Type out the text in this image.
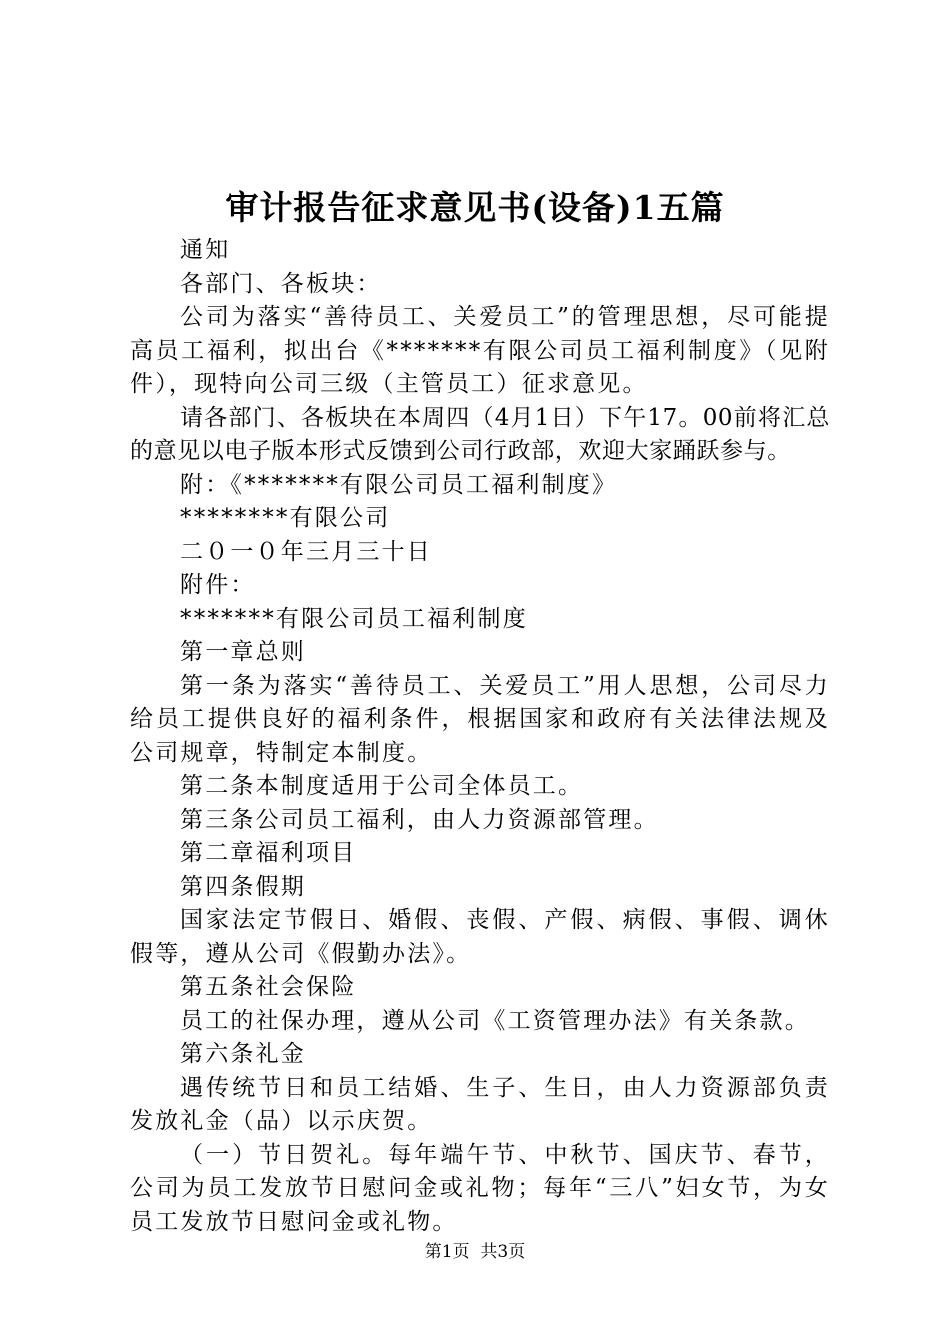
审计报告征求意见书(设备)1五篇

通知

各部门、各板块：

公司为落实“善待员工、关爱员工”的管理思想，尽可能提高员工福利，拟出台《*******有限公司员工福利制度》（见附件），现特向公司三级（主管员工）征求意见。

请各部门、各板块在本周四（4月1日）下午17。00前将汇总的意见以电子版本形式反馈到公司行政部，欢迎大家踊跃参与。

附：《*******有限公司员工福利制度》

********有限公司

二０一０年三月三十日

附件：

*******有限公司员工福利制度

第一章总则

第一条为落实“善待员工、关爱员工”用人思想，公司尽力给员工提供良好的福利条件，根据国家和政府有关法律法规及公司规章，特制定本制度。

第二条本制度适用于公司全体员工。

第三条公司员工福利，由人力资源部管理。

第二章福利项目

第四条假期

国家法定节假日、婚假、丧假、产假、病假、事假、调休假等，遵从公司《假勤办法》。

第五条社会保险

员工的社保办理，遵从公司《工资管理办法》有关条款。

第六条礼金

遇传统节日和员工结婚、生子、生日，由人力资源部负责发放礼金（品）以示庆贺。

（一）节日贺礼。每年端午节、中秋节、国庆节、春节，公司为员工发放节日慰问金或礼物；每年“三八”妇女节，为女员工发放节日慰问金或礼物。

第1页  共3页
